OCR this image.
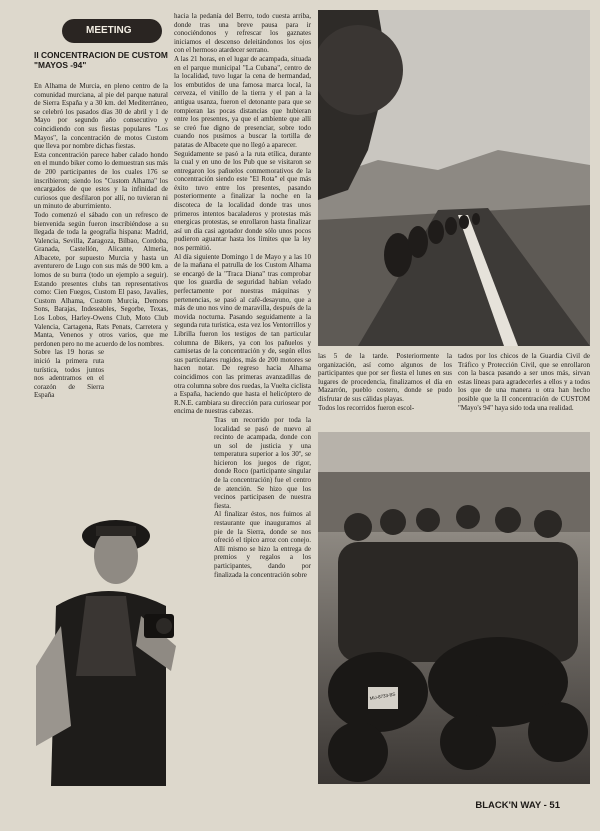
MEETING
II CONCENTRACION DE CUSTOM "MAYOS -94"

En Alhama de Murcia, en pleno centro de la comunidad murciana, al pie del parque natural de Sierra España y a 30 km. del Mediterráneo, se celebró los pasados días 30 de abril y 1 de Mayo por segundo año consecutivo y coincidiendo con sus fiestas populares "Los Mayos", la concentración de motos Custom que lleva por nombre dichas fiestas.

Esta concentración parece haber calado hondo en el mundo biker como lo demuestran sus más de 200 participantes de los cuales 176 se inscribieron; siendo los "Custom Alhama" los encargados de que estos y la infinidad de curiosos que desfilaron por allí, no tuvieran ni un minuto de aburrimiento.

Todo comenzó el sábado con un refresco de bienvenida según fueron inscribiéndose a su llegada de toda la geografía hispana: Madrid, Valencia, Sevilla, Zaragoza, Bilbao, Cordoba, Granada, Castellón, Alicante, Almería, Albacete, por supuesto Murcia y hasta un aventurero de Lugo con sus más de 900 km. a lomos de su burra (todo un ejemplo a seguir). Estando presentes clubs tan representativos como: Cien Fuegos, Custom El paso, Javalíes, Custom Alhama, Custom Murcia, Demons Sons, Barajas, Indeseables, Segorbe, Texas, Los Lobos, Harley-Owens Club, Moto Club Valencia, Cartagena, Rats Penats, Carretera y Manta, Venenos y otros varios, que me perdonen pero no me acuerdo de los nombres.

Sobre las 19 horas se inició la primera ruta turística, todos juntos nos adentramos en el corazón de Sierra España

hacia la pedanía del Berro, todo cuesta arriba, donde tras una breve pausa para ir conociéndonos y refrescar los gaznates iniciamos el descenso deleitándonos los ojos con el hermoso atardecer serrano.

A las 21 horas, en el lugar de acampada, situada en el parque municipal "La Cubana", centro de la localidad, tuvo lugar la cena de hermandad, los embutidos de una famosa marca local, la cerveza, el vinillo de la tierra y el pan a la antigua usanza, fueron el detonante para que se rompieran las pocas distancias que hubieran entre los presentes, ya que el ambiente que allí se creó fue digno de presenciar, sobre todo cuando nos pusimos a buscar la tortilla de patatas de Albacete que no llegó a aparecer.

Seguidamente se pasó a la ruta etílica, durante la cual y en uno de los Pub que se visitaron se entregaron los pañuelos conmemorativos de la concentración siendo este "El Rota" el que más éxito tuvo entre los presentes, pasando posteriormente a finalizar la noche en la discoteca de la localidad donde tras unos primeros intentos bacaladeros y protestas más energicas protestas, se enrollaron hasta finalizar así un día casi agotador donde sólo unos pocos pudieron aguantar hasta los límites que la ley nos permitió.

Al día siguiente Domingo 1 de Mayo y a las 10 de la mañana el patrulla de los Custom Alhama se encargó de la "Traca Diana" tras comprobar que los guardia de seguridad habían velado perfectamente por nuestras máquinas y pertenencias, se pasó al café-desayuno, que a más de uno nos vino de maravilla, después de la movida nocturna. Pasando seguidamente a la segunda ruta turística, esta vez los Ventorrillos y Librilla fueron los testigos de tan particular columna de Bikers, ya con los pañuelos y camisetas de la concentración y de, según ellos sus particulares rugidos, más de 200 motores se hacen notar. De regreso hacia Alhama coincidimos con las primeras avanzadillas de otra columna sobre dos ruedas, la Vuelta ciclista a España, haciendo que hasta el helicóptero de R.N.E. cambiara su dirección para curiosear por encima de nuestras cabezas.

Tras un recorrido por toda la localidad se pasó de nuevo al recinto de acampada, donde con un sol de justicia y una temperatura superior a los 30º, se hicieron los juegos de rigor, donde Roco (participante singular de la concentración) fue el centro de atención. Se hizo que los vecinos participasen de nuestra fiesta.

Al finalizar éstos, nos fuimos al restaurante que inauguramos al pie de la Sierra, donde se nos ofreció el típico arroz con conejo. Allí mismo se hizo la entrega de premios y regalos a los participantes, dando por finalizada la concentración sobre

las 5 de la tarde. Posteriormente la organización, así como algunos de los participantes que por ser fiesta el lunes en sus lugares de procedencia, finalizamos el día en Mazarrón, pueblo costero, donde se pudo disfrutar de sus cálidas playas.

Todos los recorridos fueron escol-

tados por los chicos de la Guardia Civil de Tráfico y Protección Civil, que se enrollaron con la basca pasando a ser unos más, sirvan estas líneas para agradecerles a ellos y a todos los que de una manera u otra han hecho posible que la II concentración de CUSTOM "Mayo's 94" haya sido toda una realidad.

MU-8733-BS
BLACK'N WAY - 51
